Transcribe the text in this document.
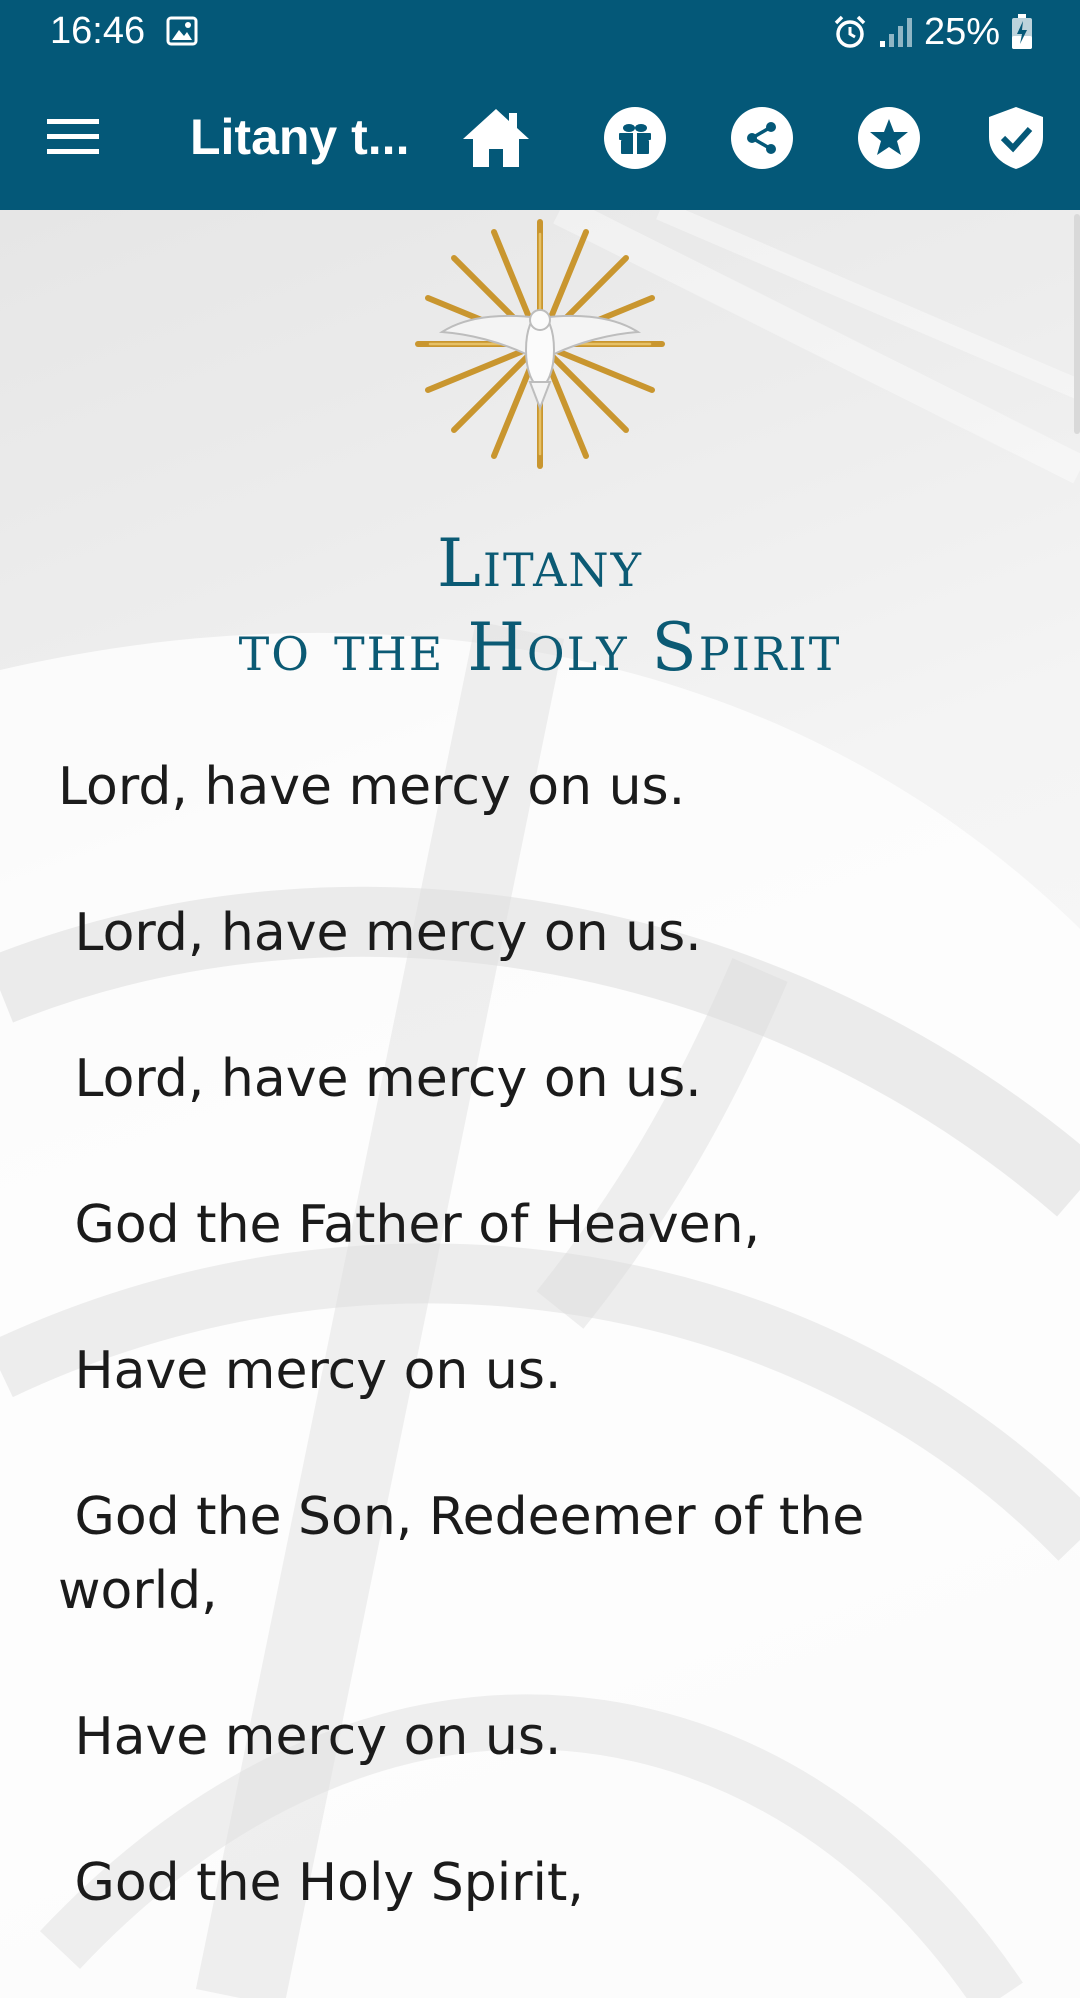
16:46	25%
Litany t...
Litany
to the Holy Spirit

Lord, have mercy on us.

Lord, have mercy on us.

Lord, have mercy on us.

God the Father of Heaven,

Have mercy on us.

God the Son, Redeemer of the world,

Have mercy on us.

God the Holy Spirit,
